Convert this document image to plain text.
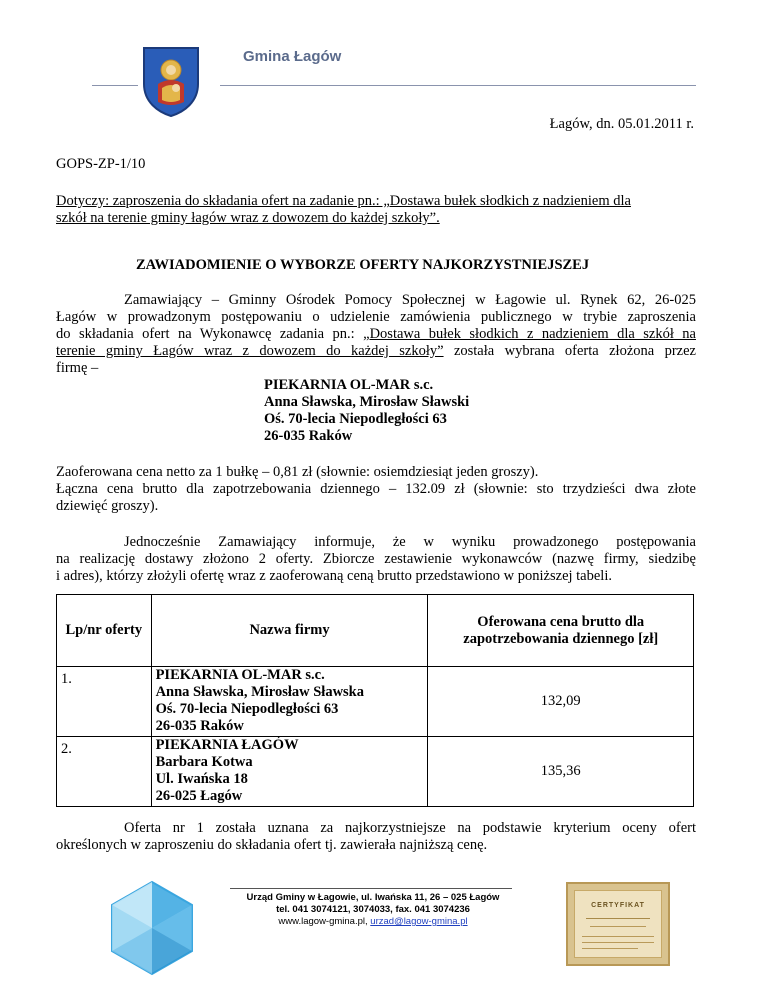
Gmina Łagów
Łagów, dn. 05.01.2011 r.
GOPS-ZP-1/10
Dotyczy: zaproszenia do składania ofert na zadanie pn.: „Dostawa bułek słodkich z nadzieniem dla
szkół na terenie gminy łagów wraz z dowozem do każdej szkoły”.
ZAWIADOMIENIE O WYBORZE OFERTY NAJKORZYSTNIEJSZEJ
Zamawiający – Gminny Ośrodek Pomocy Społecznej w Łagowie ul. Rynek 62, 26-025
Łagów w prowadzonym postępowaniu o udzielenie zamówienia publicznego w trybie zaproszenia
do składania ofert na Wykonawcę zadania pn.: „Dostawa bułek słodkich z nadzieniem dla szkół na
terenie gminy Łagów wraz z dowozem do każdej szkoły” została wybrana oferta złożona przez
firmę –
PIEKARNIA OL-MAR s.c.
Anna Sławska, Mirosław Sławski
Oś. 70-lecia Niepodległości 63
26-035 Raków
Zaoferowana cena netto za 1 bułkę – 0,81 zł (słownie: osiemdziesiąt jeden groszy).
Łączna cena brutto dla zapotrzebowania dziennego – 132.09 zł (słownie: sto trzydzieści dwa złote
dziewięć groszy).
Jednocześnie Zamawiający informuje, że w wyniku prowadzonego postępowania
na realizację dostawy złożono 2 oferty. Zbiorcze zestawienie wykonawców (nazwę firmy, siedzibę
i adres), którzy złożyli ofertę wraz z zaoferowaną ceną brutto przedstawiono w poniższej tabeli.
Lp/nr oferty	Nazwa firmy	Oferowana cena brutto dla zapotrzebowania dziennego [zł]
1.	PIEKARNIA OL-MAR s.c.
Anna Sławska, Mirosław Sławska
Oś. 70-lecia Niepodległości 63
26-035 Raków	132,09
2.	PIEKARNIA ŁAGÓW
Barbara Kotwa
Ul. Iwańska 18
26-025 Łagów	135,36
Oferta nr 1 została uznana za najkorzystniejsze na podstawie kryterium oceny ofert
określonych w zaproszeniu do składania ofert tj. zawierała najniższą cenę.
Urząd Gminy w Łagowie, ul. Iwańska 11, 26 – 025 Łagów
tel. 041 3074121, 3074033, fax. 041 3074236
www.lagow-gmina.pl, urzad@lagow-gmina.pl
CERTYFIKAT
